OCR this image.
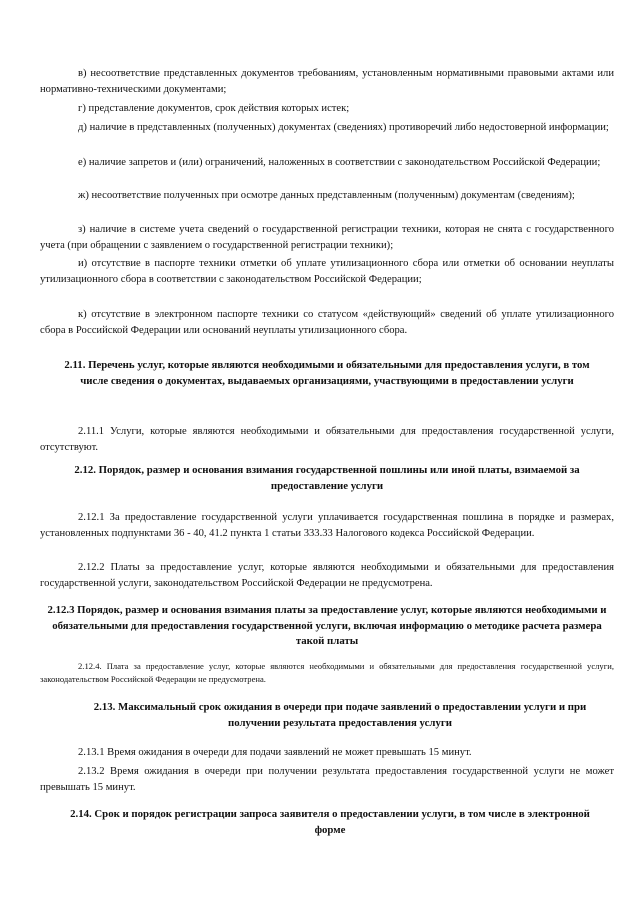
в) несоответствие представленных документов требованиям, установленным нормативными правовыми актами или нормативно-техническими документами;

г) представление документов, срок действия которых истек;

д) наличие в представленных (полученных) документах (сведениях) противоречий либо недостоверной информации;

е) наличие запретов и (или) ограничений, наложенных в соответствии с законодательством Российской Федерации;

ж) несоответствие полученных при осмотре данных представленным (полученным) документам (сведениям);

з) наличие в системе учета сведений о государственной регистрации техники, которая не снята с государственного учета (при обращении с заявлением о государственной регистрации техники);

и) отсутствие в паспорте техники отметки об уплате утилизационного сбора или отметки об основании неуплаты утилизационного сбора в соответствии с законодательством Российской Федерации;

к) отсутствие в электронном паспорте техники со статусом «действующий» сведений об уплате утилизационного сбора в Российской Федерации или оснований неуплаты утилизационного сбора.

2.11. Перечень услуг, которые являются необходимыми и обязательными для предоставления услуги, в том числе сведения о документах, выдаваемых организациями, участвующими в предоставлении услуги

2.11.1 Услуги, которые являются необходимыми и обязательными для предоставления государственной услуги, отсутствуют.

2.12. Порядок, размер и основания взимания государственной пошлины или иной платы, взимаемой за предоставление услуги

2.12.1 За предоставление государственной услуги уплачивается государственная пошлина в порядке и размерах, установленных подпунктами 36 - 40, 41.2 пункта 1 статьи 333.33 Налогового кодекса Российской Федерации.

2.12.2 Платы за предоставление услуг, которые являются необходимыми и обязательными для предоставления государственной услуги, законодательством Российской Федерации не предусмотрена.

2.12.3 Порядок, размер и основания взимания платы за предоставление услуг, которые являются необходимыми и обязательными для предоставления государственной услуги, включая информацию о методике расчета размера такой платы

2.12.4. Плата за предоставление услуг, которые являются необходимыми и обязательными для предоставления государственной услуги, законодательством Российской Федерации не предусмотрена.

2.13. Максимальный срок ожидания в очереди при подаче заявлений о предоставлении услуги и при получении результата предоставления услуги

2.13.1 Время ожидания в очереди для подачи заявлений не может превышать 15 минут.

2.13.2 Время ожидания в очереди при получении результата предоставления государственной услуги не может превышать 15 минут.

2.14. Срок и порядок регистрации запроса заявителя о предоставлении услуги, в том числе в электронной форме
